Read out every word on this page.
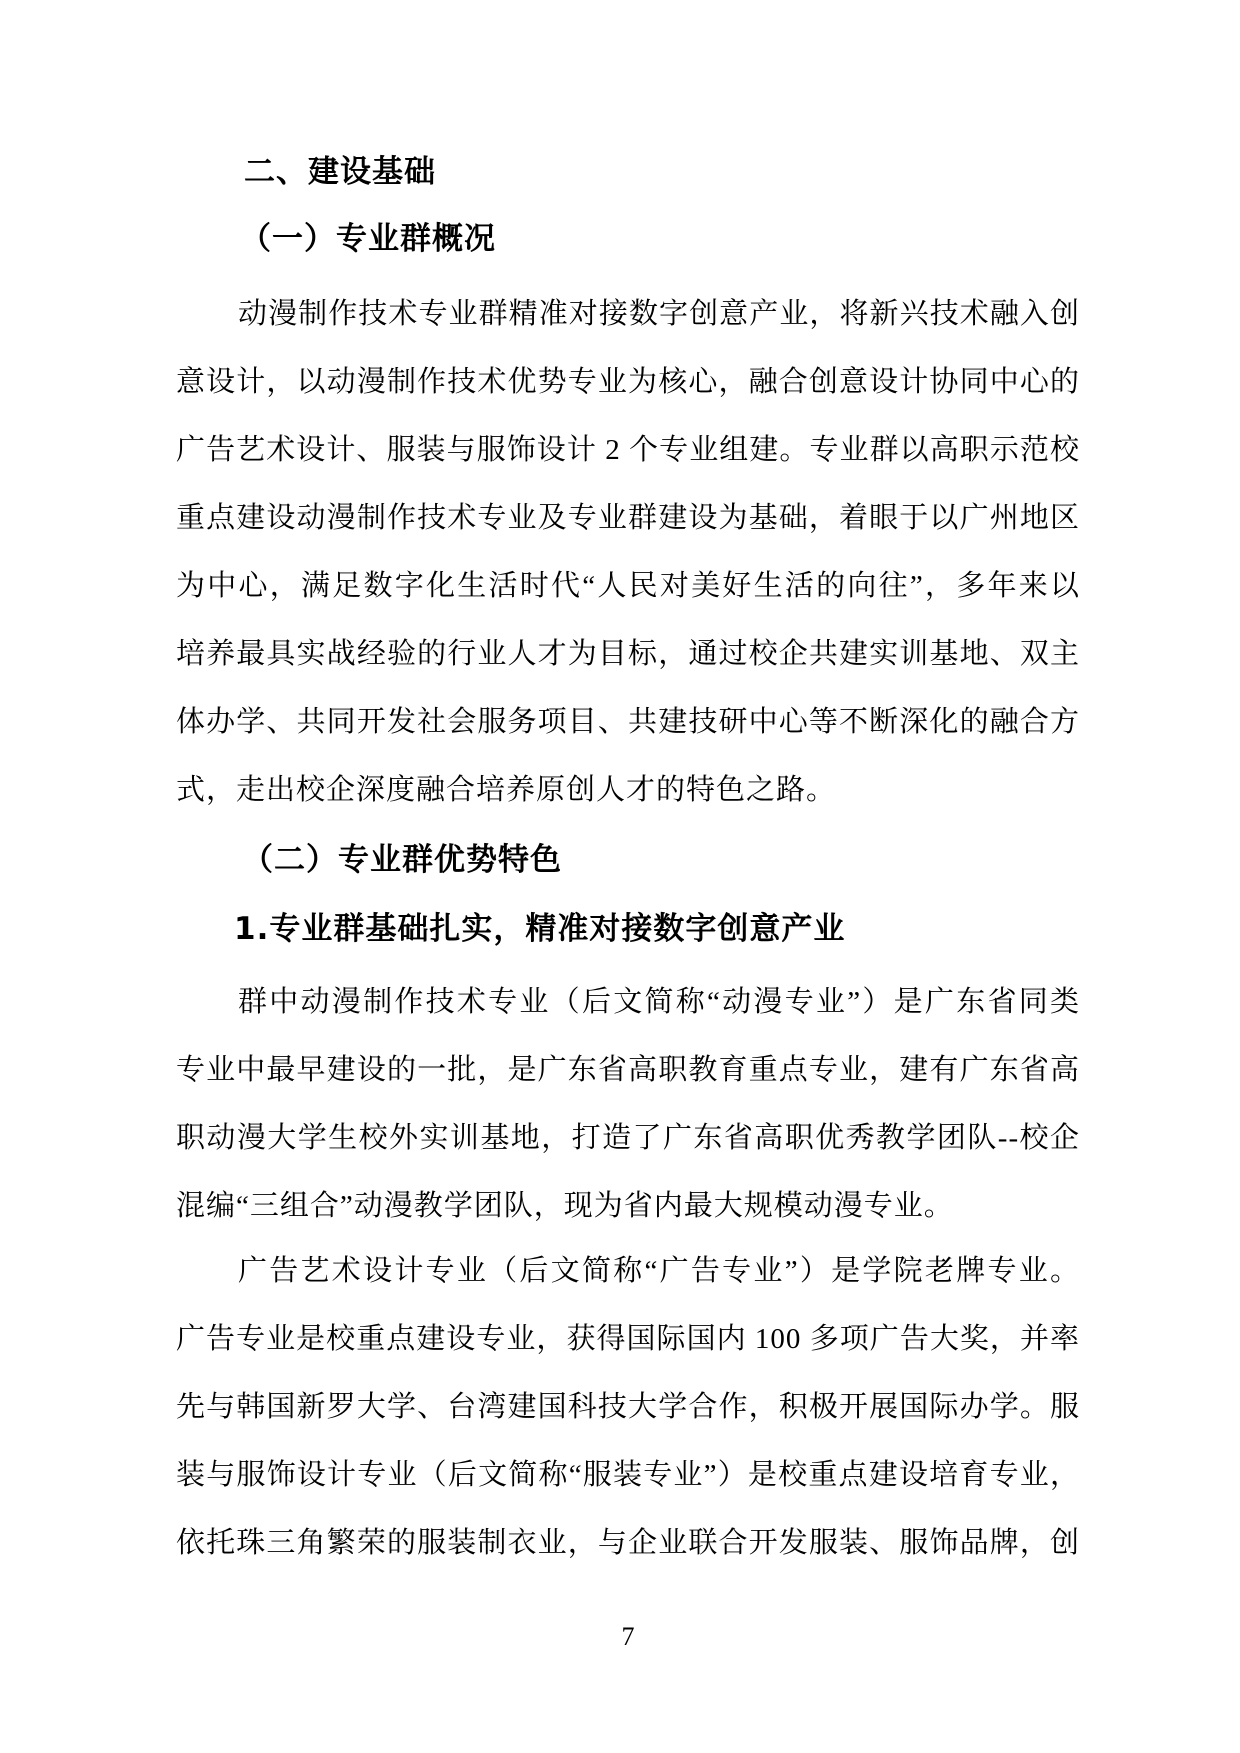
二、建设基础
（一）专业群概况
动漫制作技术专业群精准对接数字创意产业，将新兴技术融入创
意设计，以动漫制作技术优势专业为核心，融合创意设计协同中心的
广告艺术设计、服装与服饰设计 2 个专业组建。专业群以高职示范校
重点建设动漫制作技术专业及专业群建设为基础，着眼于以广州地区
为中心，满足数字化生活时代“人民对美好生活的向往”，多年来以
培养最具实战经验的行业人才为目标，通过校企共建实训基地、双主
体办学、共同开发社会服务项目、共建技研中心等不断深化的融合方
式，走出校企深度融合培养原创人才的特色之路。
（二）专业群优势特色
1.专业群基础扎实，精准对接数字创意产业
群中动漫制作技术专业（后文简称“动漫专业”）是广东省同类
专业中最早建设的一批，是广东省高职教育重点专业，建有广东省高
职动漫大学生校外实训基地，打造了广东省高职优秀教学团队--校企
混编“三组合”动漫教学团队，现为省内最大规模动漫专业。
广告艺术设计专业（后文简称“广告专业”）是学院老牌专业。
广告专业是校重点建设专业，获得国际国内 100 多项广告大奖，并率
先与韩国新罗大学、台湾建国科技大学合作，积极开展国际办学。服
装与服饰设计专业（后文简称“服装专业”）是校重点建设培育专业，
依托珠三角繁荣的服装制衣业，与企业联合开发服装、服饰品牌，创
7
